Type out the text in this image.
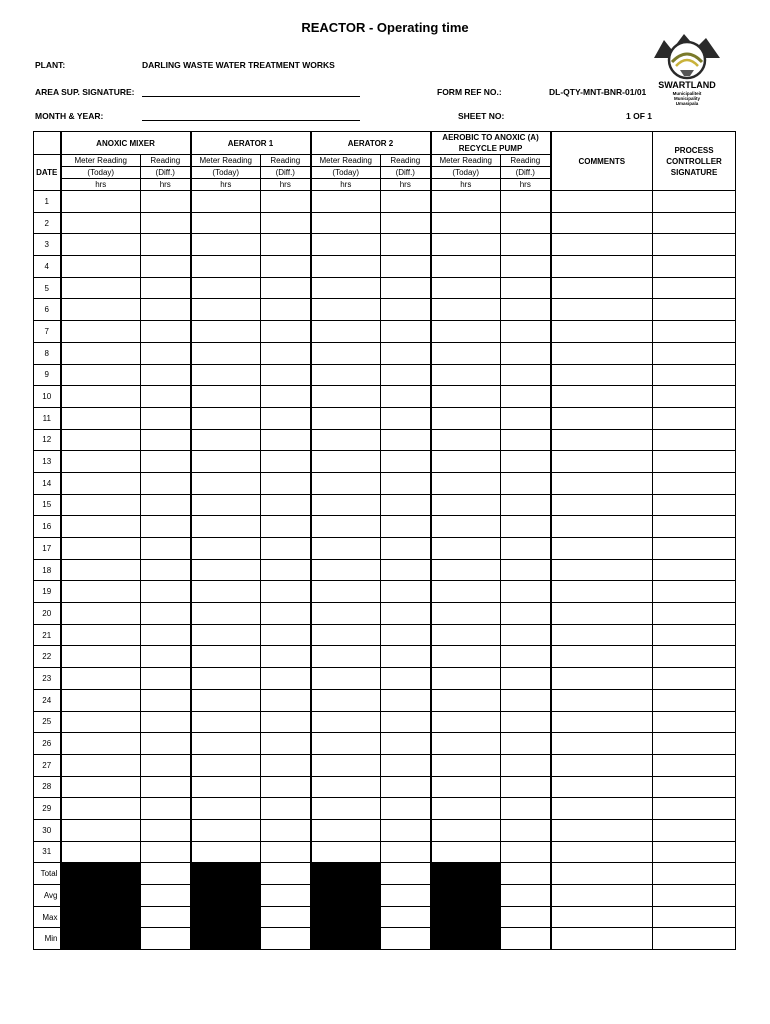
REACTOR - Operating time
PLANT:	DARLING WASTE WATER TREATMENT WORKS
AREA SUP. SIGNATURE:	FORM REF NO.:	DL-QTY-MNT-BNR-01/01
MONTH & YEAR:	SHEET NO:	1 OF 1
SWARTLAND
Municipaliteit
Municipality
Umasipala
	ANOXIC MIXER		AERATOR 1		AERATOR 2		AEROBIC TO ANOXIC (A) RECYCLE PUMP		COMMENTS	PROCESS CONTROLLER SIGNATURE
DATE	Meter Reading	Reading	Meter Reading	Reading	Meter Reading	Reading	Meter Reading	Reading		
	(Today)	(Diff.)	(Today)	(Diff.)	(Today)	(Diff.)	(Today)	(Diff.)		
	hrs	hrs	hrs	hrs	hrs	hrs	hrs	hrs		
1										
2										
3										
4										
5										
6										
7										
8										
9										
10										
11										
12										
13										
14										
15										
16										
17										
18										
19										
20										
21										
22										
23										
24										
25										
26										
27										
28										
29										
30										
31										
Total										
Avg										
Max										
Min										
